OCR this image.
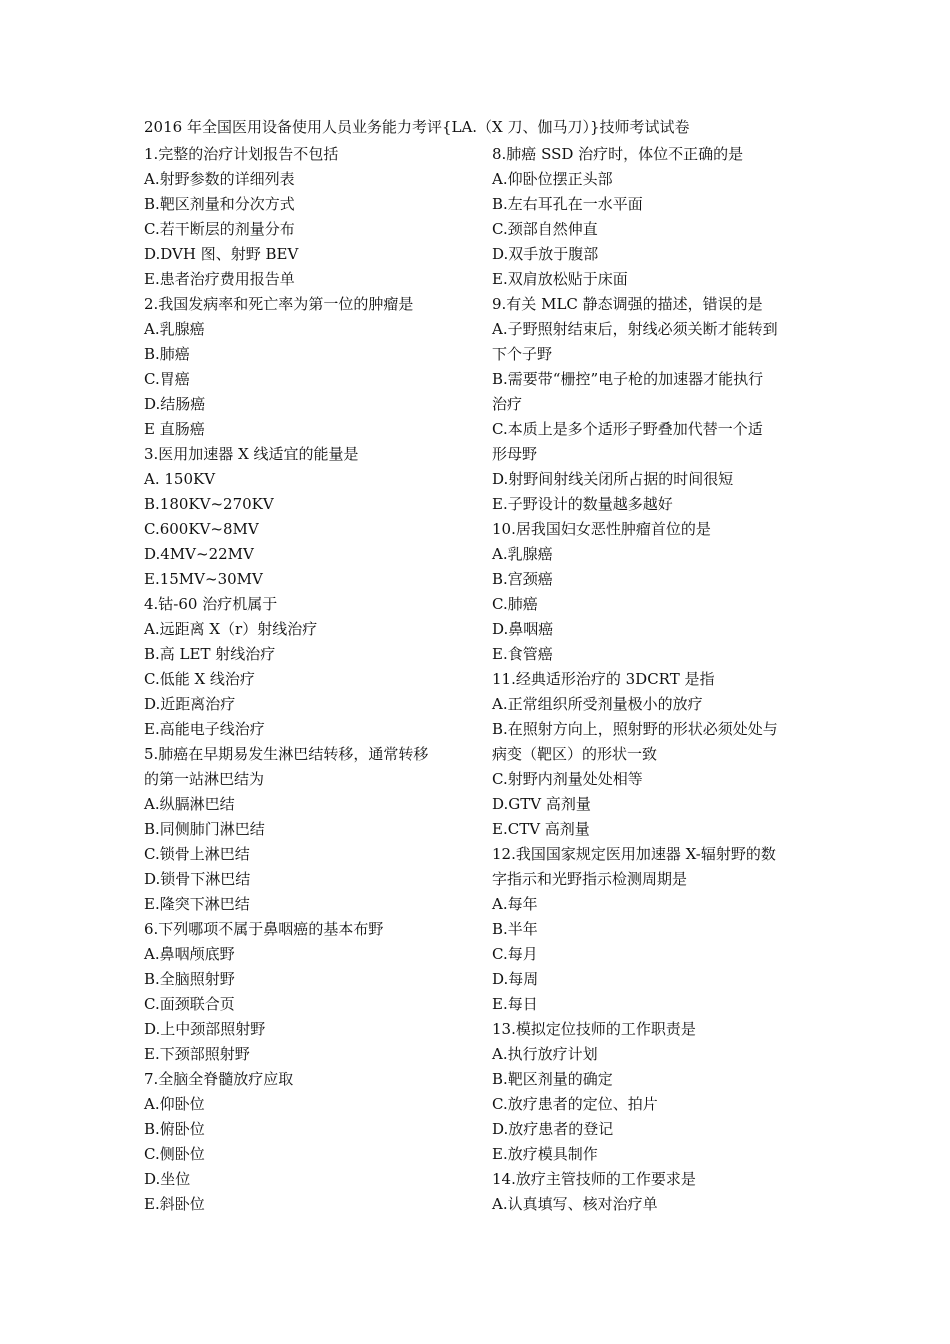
2016 年全国医用设备使用人员业务能力考评{LA.（X 刀、伽马刀）}技师考试试卷
1.完整的治疗计划报告不包括
A.射野参数的详细列表
B.靶区剂量和分次方式
C.若干断层的剂量分布
D.DVH 图、射野 BEV
E.患者治疗费用报告单
2.我国发病率和死亡率为第一位的肿瘤是
A.乳腺癌
B.肺癌
C.胃癌
D.结肠癌
E 直肠癌
3.医用加速器 X 线适宜的能量是
A. 150KV
B.180KV~270KV
C.600KV~8MV
D.4MV~22MV
E.15MV~30MV
4.钴-60 治疗机属于
A.远距离 X（r）射线治疗
B.高 LET 射线治疗
C.低能 X 线治疗
D.近距离治疗
E.高能电子线治疗
5.肺癌在早期易发生淋巴结转移，通常转移
的第一站淋巴结为
A.纵膈淋巴结
B.同侧肺门淋巴结
C.锁骨上淋巴结
D.锁骨下淋巴结
E.隆突下淋巴结
6.下列哪项不属于鼻咽癌的基本布野
A.鼻咽颅底野
B.全脑照射野
C.面颈联合页
D.上中颈部照射野
E.下颈部照射野
7.全脑全脊髓放疗应取
A.仰卧位
B.俯卧位
C.侧卧位
D.坐位
E.斜卧位
8.肺癌 SSD 治疗时，体位不正确的是
A.仰卧位摆正头部
B.左右耳孔在一水平面
C.颈部自然伸直
D.双手放于腹部
E.双肩放松贴于床面
9.有关 MLC 静态调强的描述，错误的是
A.子野照射结束后，射线必须关断才能转到
下个子野
B.需要带“栅控”电子枪的加速器才能执行
治疗
C.本质上是多个适形子野叠加代替一个适
形母野
D.射野间射线关闭所占据的时间很短
E.子野设计的数量越多越好
10.居我国妇女恶性肿瘤首位的是
A.乳腺癌
B.宫颈癌
C.肺癌
D.鼻咽癌
E.食管癌
11.经典适形治疗的 3DCRT 是指
A.正常组织所受剂量极小的放疗
B.在照射方向上，照射野的形状必须处处与
病变（靶区）的形状一致
C.射野内剂量处处相等
D.GTV 高剂量
E.CTV 高剂量
12.我国国家规定医用加速器 X-辐射野的数
字指示和光野指示检测周期是
A.每年
B.半年
C.每月
D.每周
E.每日
13.模拟定位技师的工作职责是
A.执行放疗计划
B.靶区剂量的确定
C.放疗患者的定位、拍片
D.放疗患者的登记
E.放疗模具制作
14.放疗主管技师的工作要求是
A.认真填写、核对治疗单
